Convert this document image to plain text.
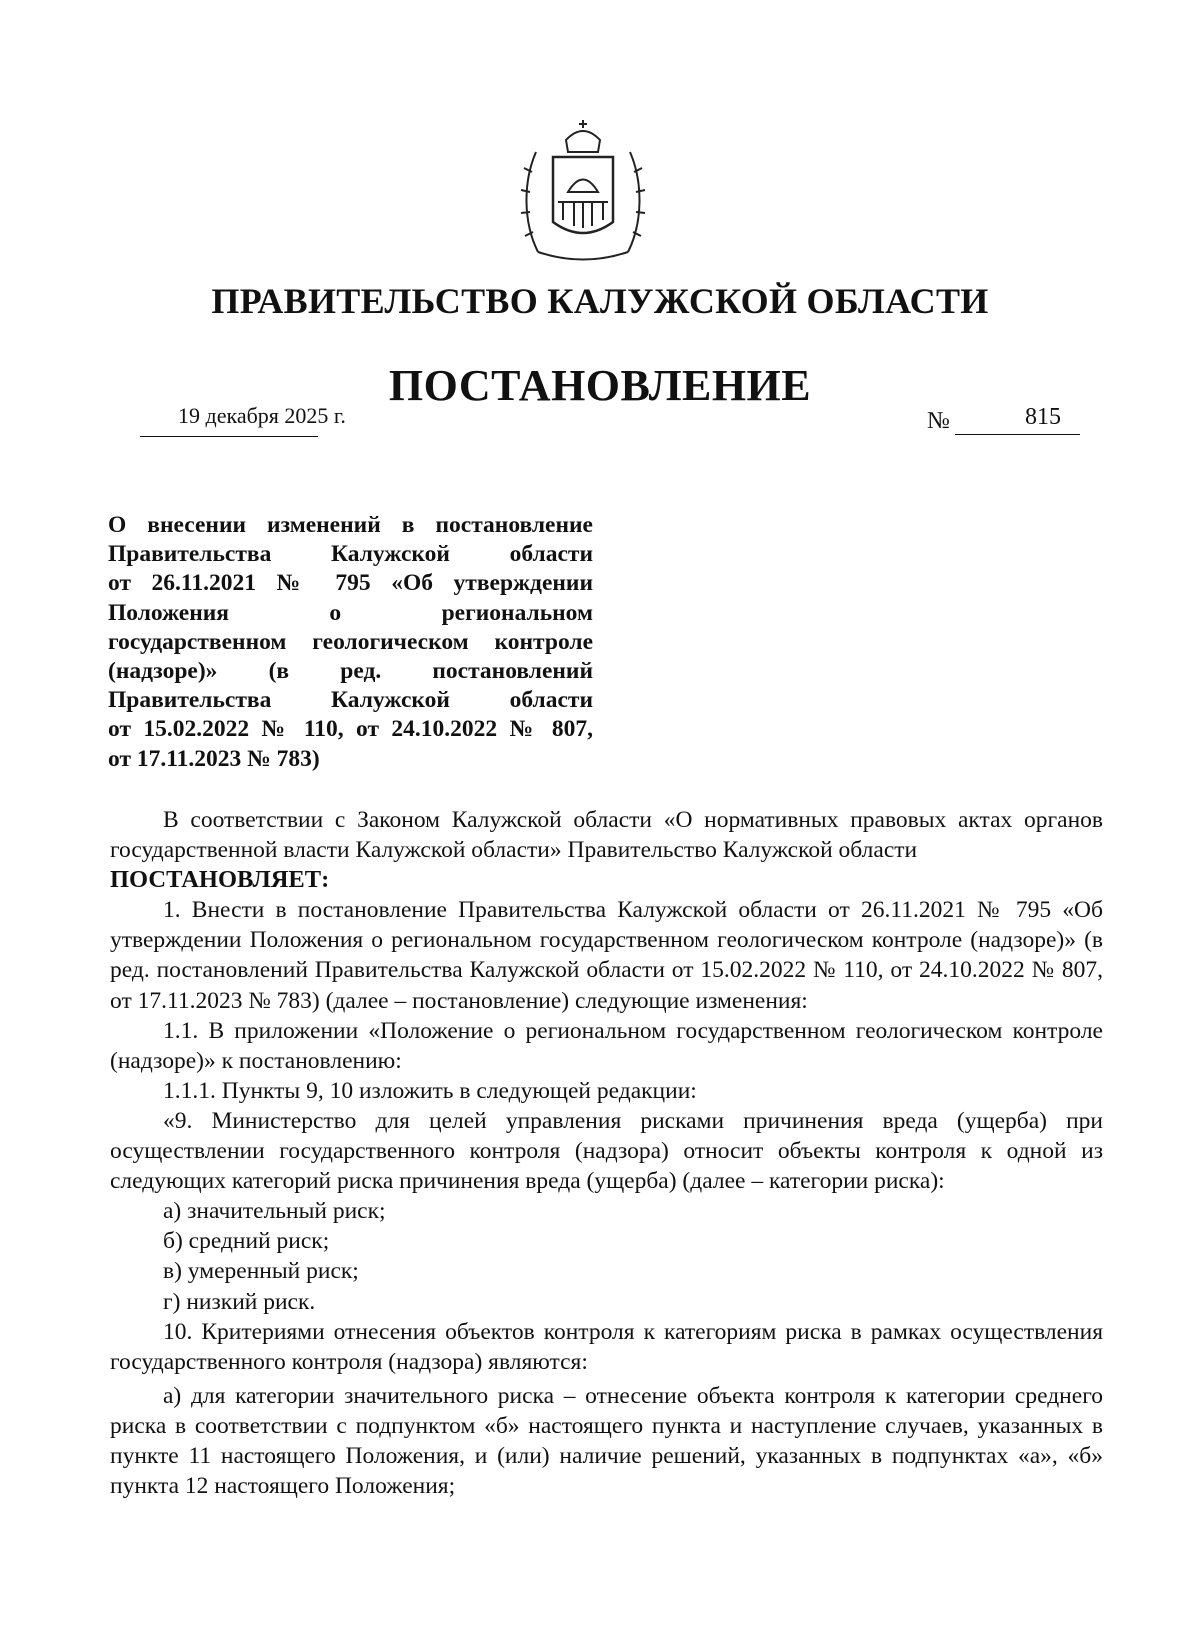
ПРАВИТЕЛЬСТВО КАЛУЖСКОЙ ОБЛАСТИ
ПОСТАНОВЛЕНИЕ
19 декабря 2025 г.	№	815
О внесении изменений в постановление
Правительства Калужской области
от 26.11.2021 № 795 «Об утверждении
Положения о региональном
государственном геологическом контроле
(надзоре)» (в ред. постановлений
Правительства Калужской области
от 15.02.2022 № 110, от 24.10.2022 № 807,
от 17.11.2023 № 783)

В соответствии с Законом Калужской области «О нормативных правовых актах органов государственной власти Калужской области» Правительство Калужской области

ПОСТАНОВЛЯЕТ:

1. Внести в постановление Правительства Калужской области от 26.11.2021 № 795 «Об утверждении Положения о региональном государственном геологическом контроле (надзоре)» (в ред. постановлений Правительства Калужской области от 15.02.2022 № 110, от 24.10.2022 № 807, от 17.11.2023 № 783) (далее – постановление) следующие изменения:

1.1. В приложении «Положение о региональном государственном геологическом контроле (надзоре)» к постановлению:

1.1.1. Пункты 9, 10 изложить в следующей редакции:

«9. Министерство для целей управления рисками причинения вреда (ущерба) при осуществлении государственного контроля (надзора) относит объекты контроля к одной из следующих категорий риска причинения вреда (ущерба) (далее – категории риска):

а) значительный риск;

б) средний риск;

в) умеренный риск;

г) низкий риск.

10. Критериями отнесения объектов контроля к категориям риска в рамках осуществления государственного контроля (надзора) являются:

а) для категории значительного риска – отнесение объекта контроля к категории среднего риска в соответствии с подпунктом «б» настоящего пункта и наступление случаев, указанных в пункте 11 настоящего Положения, и (или) наличие решений, указанных в подпунктах «а», «б» пункта 12 настоящего Положения;
